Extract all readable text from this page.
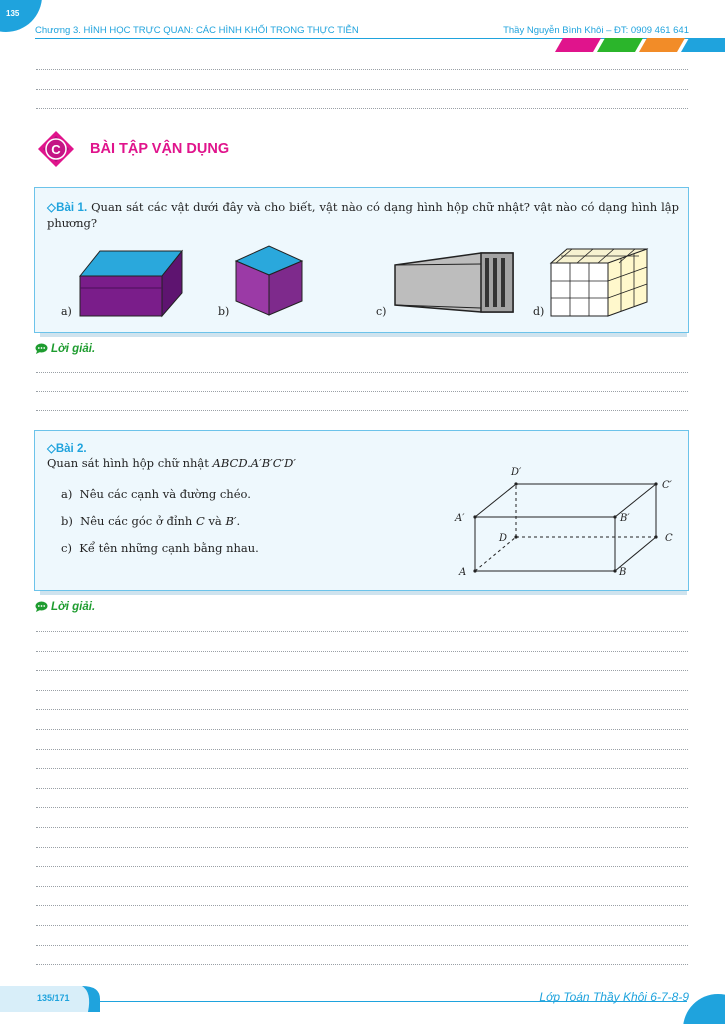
135
Chương 3. HÌNH HỌC TRỰC QUAN: CÁC HÌNH KHỐI TRONG THỰC TIỄN	Thầy Nguyễn Bình Khôi – ĐT: 0909 461 641
C BÀI TẬP VẬN DỤNG
◇Bài 1. Quan sát các vật dưới đây và cho biết, vật nào có dạng hình hộp chữ nhật? vật nào có dạng hình lập phương?
a)	b)	c)	d)
Lời giải.
◇Bài 2.
Quan sát hình hộp chữ nhật ABCD.A′B′C′D′
a) Nêu các cạnh và đường chéo.
b) Nêu các góc ở đỉnh C và B′.
c) Kể tên những cạnh bằng nhau.
A	B
C
D
A′	B′
C′
D′
Lời giải.
135/171	Lớp Toán Thầy Khôi 6-7-8-9
